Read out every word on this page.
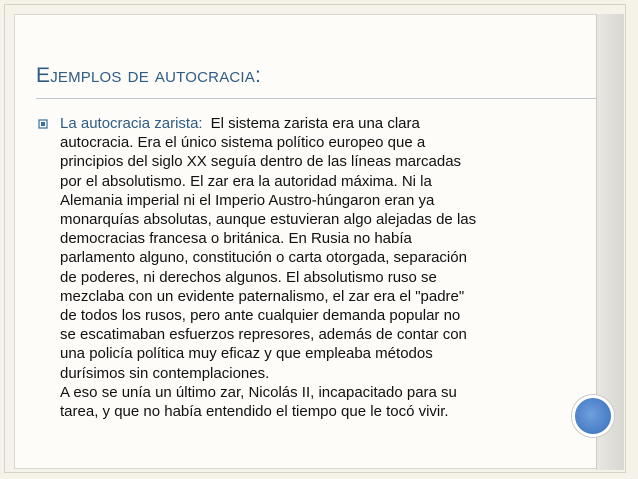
Ejemplos de autocracia:
La autocracia zarista: El sistema zarista era una clara
autocracia. Era el único sistema político europeo que a
principios del siglo XX seguía dentro de las líneas marcadas
por el absolutismo. El zar era la autoridad máxima. Ni la
Alemania imperial ni el Imperio Austro-húngaron eran ya
monarquías absolutas, aunque estuvieran algo alejadas de las
democracias francesa o británica. En Rusia no había
parlamento alguno, constitución o carta otorgada, separación
de poderes, ni derechos algunos. El absolutismo ruso se
mezclaba con un evidente paternalismo, el zar era el "padre"
de todos los rusos, pero ante cualquier demanda popular no
se escatimaban esfuerzos represores, además de contar con
una policía política muy eficaz y que empleaba métodos
durísimos sin contemplaciones.
A eso se unía un último zar, Nicolás II, incapacitado para su
tarea, y que no había entendido el tiempo que le tocó vivir.
